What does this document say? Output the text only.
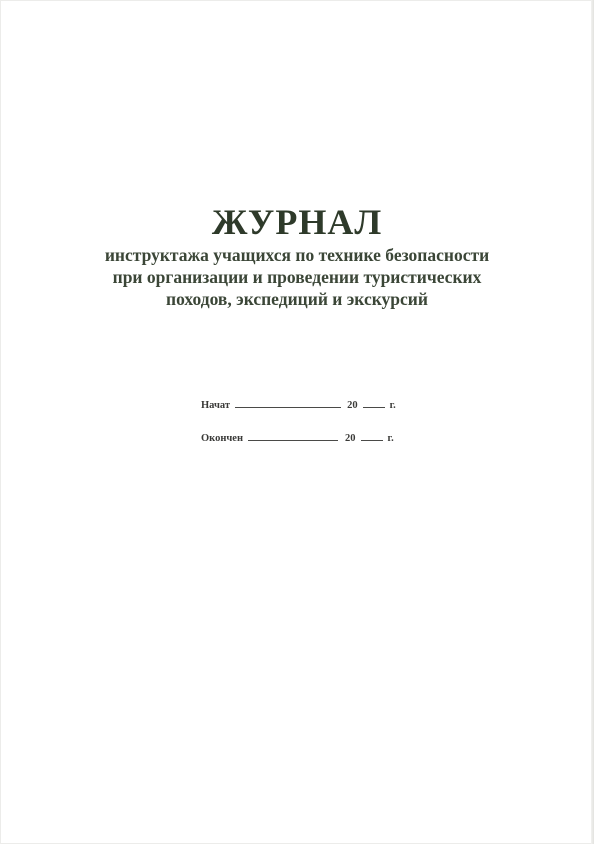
ЖУРНАЛ
инструктажа учащихся по технике безопасности
при организации и проведении туристических
походов, экспедиций и экскурсий
Начат	20	г.
Окончен	20	г.
